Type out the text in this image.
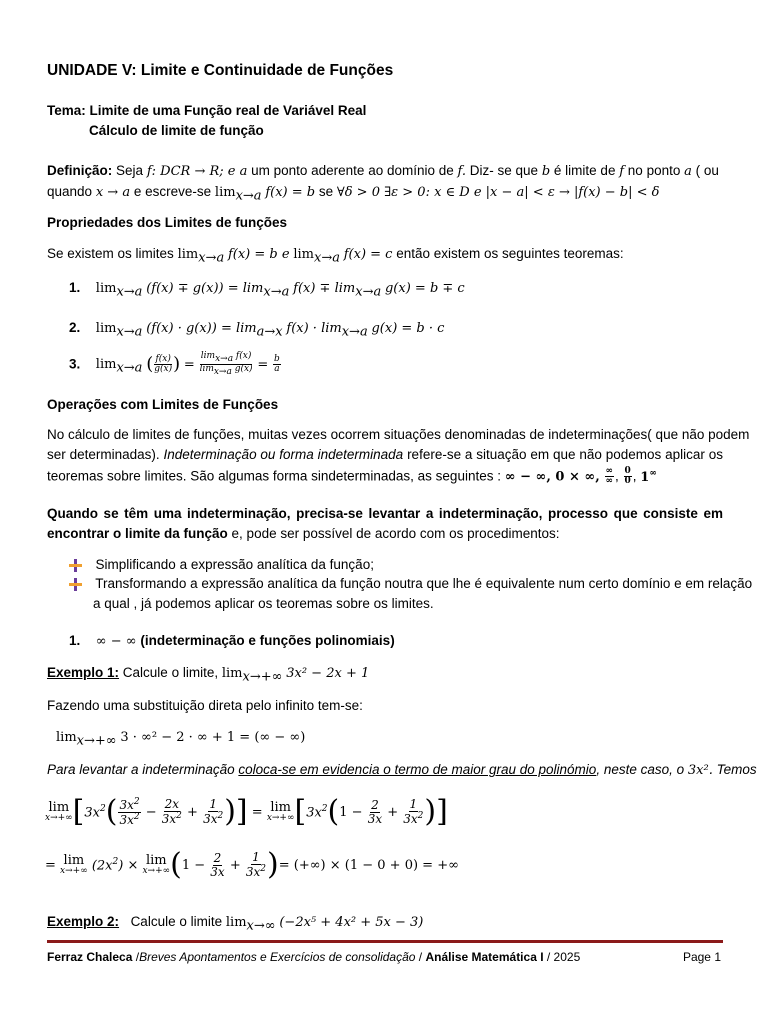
UNIDADE V: Limite e Continuidade de Funções
Tema: Limite de uma Função real de Variável Real
Cálculo de limite de função
Definição: Seja f: DCR → R; e a um ponto aderente ao domínio de f. Diz- se que b é limite de f no ponto a ( ou
quando x → a e escreve-se $\lim_{x\to a} f(x) = b$ se ∀δ > 0 ∃ε > 0: x ∈ D e |x − a| < ε → |f(x) − b| < δ
Propriedades dos Limites de funções
Se existem os limites $\lim_{x\to a} f(x) = b$ e $\lim_{x\to a} f(x) = c$ então existem os seguintes teoremas:
1. $\lim_{x\to a} (f(x) \mp g(x)) = \lim_{x\to a} f(x) \mp \lim_{x\to a} g(x) = b \mp c$
2. $\lim_{x\to a} (f(x) \cdot g(x)) = \lim_{a\to x} f(x) \cdot \lim_{x\to a} g(x) = b \cdot c$
3. $\lim_{x\to a}$ ( $\frac{f(x)}{g(x)}$ ) = $\frac{\lim_{x\to a} f(x)}{\lim_{x\to a} g(x)} = \frac{b}{a}$
Operações com Limites de Funções
No cálculo de limites de funções, muitas vezes ocorrem situações denominadas de indeterminações( que não podem
ser determinadas). Indeterminação ou forma indeterminada refere-se a situação em que não podemos aplicar os
teoremas sobre limites. São algumas forma sindeterminadas, as seguintes : ∞ − ∞, 0 × ∞, $\frac{\infty}{\infty}$ , $\frac{0}{0}$ , 1∞
Quando se têm uma indeterminação, precisa-se levantar a indeterminação, processo que consiste em
encontrar o limite da função e, pode ser possível de acordo com os procedimentos:
Simplificando a expressão analítica da função;
Transformando a expressão analítica da função noutra que lhe é equivalente num certo domínio e em relação
a qual , já podemos aplicar os teoremas sobre os limites.
1. ∞ − ∞ (indeterminação e funções polinomiais)
Exemplo 1: Calcule o limite, $\lim_{x\to+\infty} 3x^2 - 2x + 1$
Fazendo uma substituição direta pelo infinito tem-se:
$\lim_{x\to+\infty} 3 \cdot \infty^2 - 2$ · ∞ + 1 = (∞ − ∞)
Para levantar a indeterminação coloca-se em evidencia o termo de maior grau do polinómio, neste caso, o 3x². Temos
lim
x→+∞ [ $3x^2$ ( $\frac{3x^2}{3x^2} - \frac{2x}{3x^2} + \frac{1}{3x^2}$ ) ] = lim
x→+∞ [ $3x^2$ ( $1 - \frac{2}{3x} + \frac{1}{3x^2}$ ) ]
= lim
x→+∞ $(2x^2) \times \lim$
x→+∞ ( $1 - \frac{2}{3x} + \frac{1}{3x^2}$ ) = (+∞) × (1 − 0 + 0) = +∞
Exemplo 2: Calcule o limite $\lim_{x\to\infty} (-2x^5 + 4x^2 + 5x - 3)$
Ferraz Chaleca /Breves Apontamentos e Exercícios de consolidação / Análise Matemática I / 2025	Page 1
